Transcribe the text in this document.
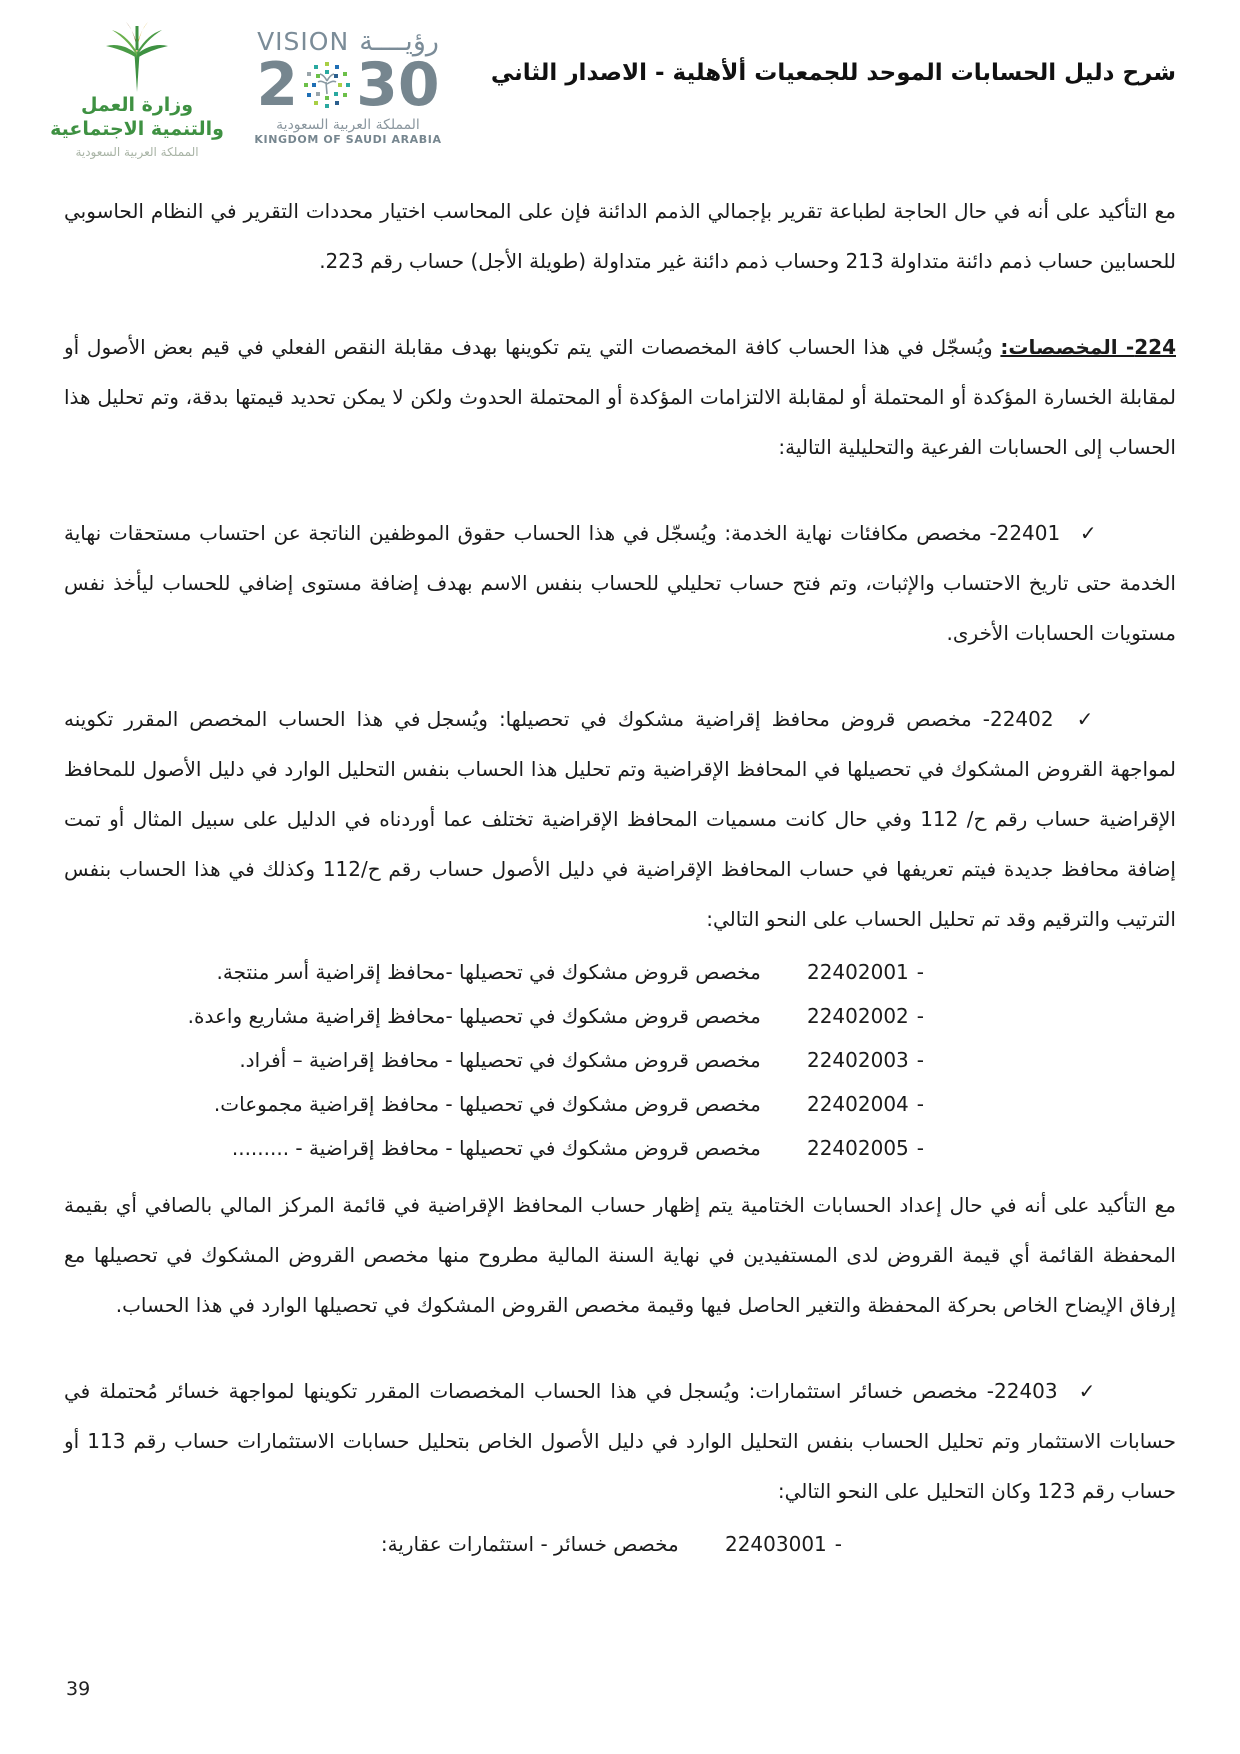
وزارة العمل
والتنمية الاجتماعية
المملكة العربية السعودية
VISION رؤيــــة
2 30
المملكة العربية السعودية
KINGDOM OF SAUDI ARABIA
شرح دليل الحسابات الموحد للجمعيات ألأهلية - الاصدار الثاني
مع التأكيد على أنه في حال الحاجة لطباعة تقرير بإجمالي الذمم الدائنة فإن على المحاسب اختيار محددات التقرير في النظام الحاسوبي للحسابين حساب ذمم دائنة متداولة 213 وحساب ذمم دائنة غير متداولة (طويلة الأجل) حساب رقم 223.
224- المخصصات: ويُسجّل في هذا الحساب كافة المخصصات التي يتم تكوينها بهدف مقابلة النقص الفعلي في قيم بعض الأصول أو لمقابلة الخسارة المؤكدة أو المحتملة أو لمقابلة الالتزامات المؤكدة أو المحتملة الحدوث ولكن لا يمكن تحديد قيمتها بدقة، وتم تحليل هذا الحساب إلى الحسابات الفرعية والتحليلية التالية:
✓ 22401- مخصص مكافئات نهاية الخدمة: ويُسجّل في هذا الحساب حقوق الموظفين الناتجة عن احتساب مستحقات نهاية الخدمة حتى تاريخ الاحتساب والإثبات، وتم فتح حساب تحليلي للحساب بنفس الاسم بهدف إضافة مستوى إضافي للحساب ليأخذ نفس مستويات الحسابات الأخرى.
✓ 22402- مخصص قروض محافظ إقراضية مشكوك في تحصيلها: ويُسجل في هذا الحساب المخصص المقرر تكوينه لمواجهة القروض المشكوك في تحصيلها في المحافظ الإقراضية وتم تحليل هذا الحساب بنفس التحليل الوارد في دليل الأصول للمحافظ الإقراضية حساب رقم ح/ 112 وفي حال كانت مسميات المحافظ الإقراضية تختلف عما أوردناه في الدليل على سبيل المثال أو تمت إضافة محافظ جديدة فيتم تعريفها في حساب المحافظ الإقراضية في دليل الأصول حساب رقم ح/112 وكذلك في هذا الحساب بنفس الترتيب والترقيم وقد تم تحليل الحساب على النحو التالي:
-
22402001
مخصص قروض مشكوك في تحصيلها -محافظ إقراضية أسر منتجة.
-
22402002
مخصص قروض مشكوك في تحصيلها -محافظ إقراضية مشاريع واعدة.
-
22402003
مخصص قروض مشكوك في تحصيلها - محافظ إقراضية – أفراد.
-
22402004
مخصص قروض مشكوك في تحصيلها - محافظ إقراضية مجموعات.
-
22402005
مخصص قروض مشكوك في تحصيلها - محافظ إقراضية - .........
مع التأكيد على أنه في حال إعداد الحسابات الختامية يتم إظهار حساب المحافظ الإقراضية في قائمة المركز المالي بالصافي أي بقيمة المحفظة القائمة أي قيمة القروض لدى المستفيدين في نهاية السنة المالية مطروح منها مخصص القروض المشكوك في تحصيلها مع إرفاق الإيضاح الخاص بحركة المحفظة والتغير الحاصل فيها وقيمة مخصص القروض المشكوك في تحصيلها الوارد في هذا الحساب.
✓ 22403- مخصص خسائر استثمارات: ويُسجل في هذا الحساب المخصصات المقرر تكوينها لمواجهة خسائر مُحتملة في حسابات الاستثمار وتم تحليل الحساب بنفس التحليل الوارد في دليل الأصول الخاص بتحليل حسابات الاستثمارات حساب رقم 113 أو حساب رقم 123 وكان التحليل على النحو التالي:
-
22403001
مخصص خسائر - استثمارات عقارية:
39
